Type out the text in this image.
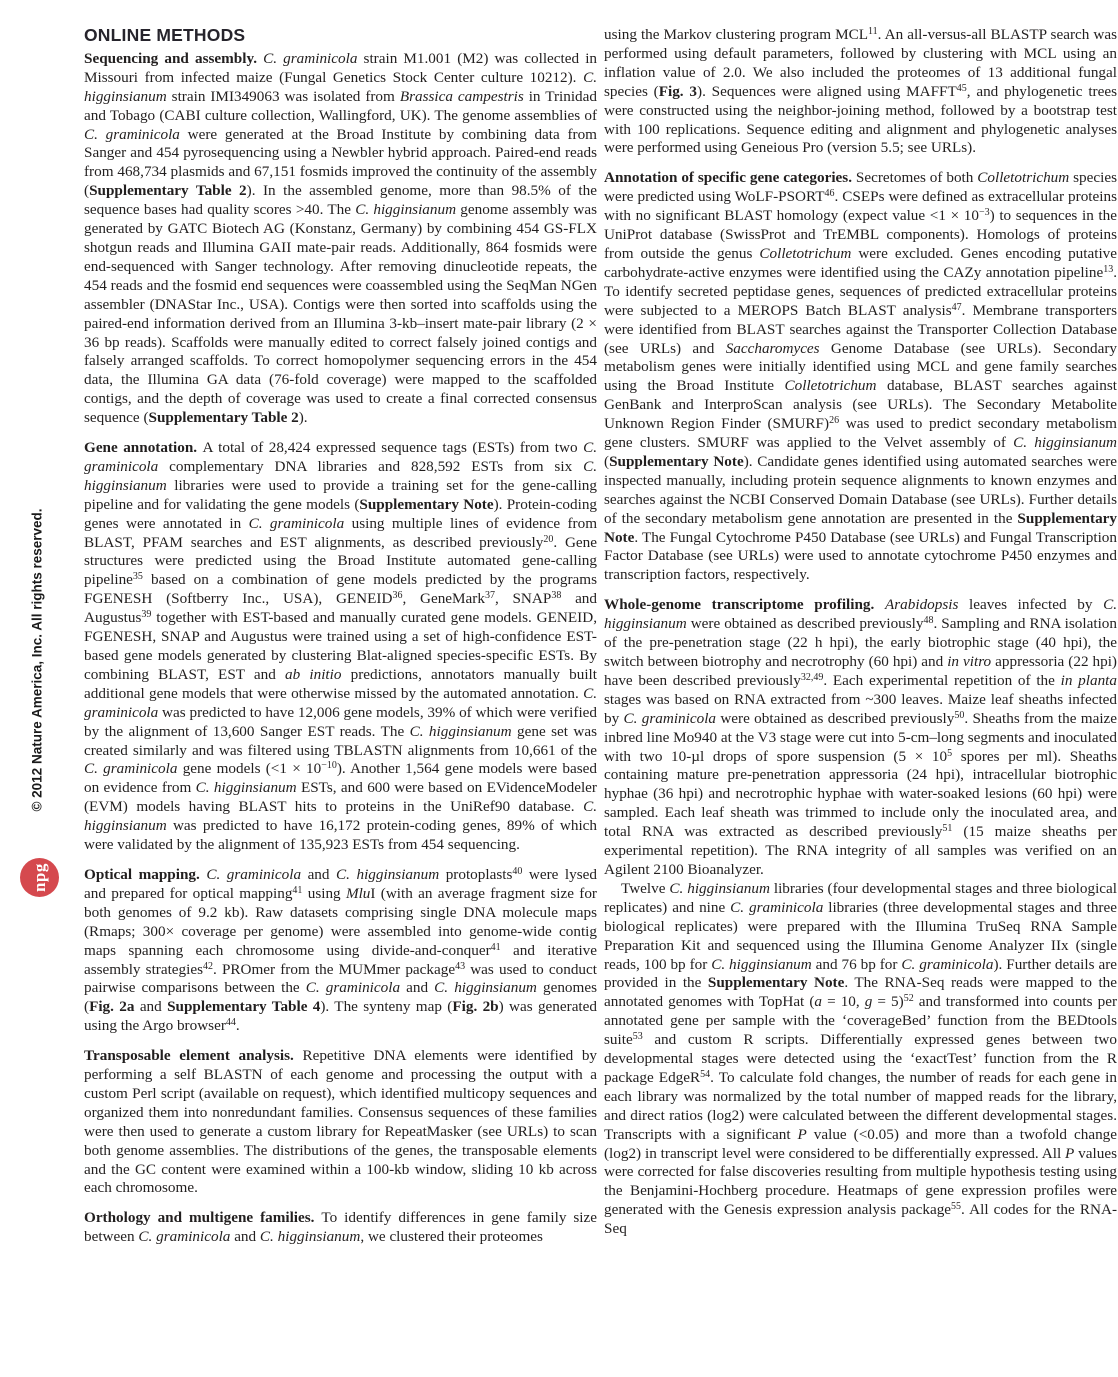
© 2012 Nature America, Inc. All rights reserved.
npg
ONLINE METHODS

Sequencing and assembly. C. graminicola strain M1.001 (M2) was collected in Missouri from infected maize (Fungal Genetics Stock Center culture 10212). C. higginsianum strain IMI349063 was isolated from Brassica campestris in Trinidad and Tobago (CABI culture collection, Wallingford, UK). The genome assemblies of C. graminicola were generated at the Broad Institute by combining data from Sanger and 454 pyrosequencing using a Newbler hybrid approach. Paired-end reads from 468,734 plasmids and 67,151 fosmids improved the continuity of the assembly (Supplementary Table 2). In the assembled genome, more than 98.5% of the sequence bases had quality scores >40. The C. higginsianum genome assembly was generated by GATC Biotech AG (Konstanz, Germany) by combining 454 GS-FLX shotgun reads and Illumina GAII mate-pair reads. Additionally, 864 fosmids were end-sequenced with Sanger technology. After removing dinucleotide repeats, the 454 reads and the fosmid end sequences were coassembled using the SeqMan NGen assembler (DNAStar Inc., USA). Contigs were then sorted into scaffolds using the paired-end information derived from an Illumina 3-kb–insert mate-pair library (2 × 36 bp reads). Scaffolds were manually edited to correct falsely joined contigs and falsely arranged scaffolds. To correct homopolymer sequencing errors in the 454 data, the Illumina GA data (76-fold coverage) were mapped to the scaffolded contigs, and the depth of coverage was used to create a final corrected consensus sequence (Supplementary Table 2).

Gene annotation. A total of 28,424 expressed sequence tags (ESTs) from two C. graminicola complementary DNA libraries and 828,592 ESTs from six C. higginsianum libraries were used to provide a training set for the gene-calling pipeline and for validating the gene models (Supplementary Note). Protein-coding genes were annotated in C. graminicola using multiple lines of evidence from BLAST, PFAM searches and EST alignments, as described previously$^{20}$. Gene structures were predicted using the Broad Institute automated gene-calling pipeline$^{35}$ based on a combination of gene models predicted by the programs FGENESH (Softberry Inc., USA), GENEID$^{36}$, GeneMark$^{37}$, SNAP$^{38}$ and Augustus$^{39}$ together with EST-based and manually curated gene models. GENEID, FGENESH, SNAP and Augustus were trained using a set of high-confidence EST-based gene models generated by clustering Blat-aligned species-specific ESTs. By combining BLAST, EST and ab initio predictions, annotators manually built additional gene models that were otherwise missed by the automated annotation. C. graminicola was predicted to have 12,006 gene models, 39% of which were verified by the alignment of 13,600 Sanger EST reads. The C. higginsianum gene set was created similarly and was filtered using TBLASTN alignments from 10,661 of the C. graminicola gene models $(<1 \times 10^{-10})$. Another 1,564 gene models were based on evidence from C. higginsianum ESTs, and 600 were based on EVidenceModeler (EVM) models having BLAST hits to proteins in the UniRef90 database. C. higginsianum was predicted to have 16,172 protein-coding genes, 89% of which were validated by the alignment of 135,923 ESTs from 454 sequencing.

Optical mapping. C. graminicola and C. higginsianum protoplasts$^{40}$ were lysed and prepared for optical mapping$^{41}$ using MluI (with an average fragment size for both genomes of 9.2 kb). Raw datasets comprising single DNA molecule maps (Rmaps; 300× coverage per genome) were assembled into genome-wide contig maps spanning each chromosome using divide-and-conquer$^{41}$ and iterative assembly strategies$^{42}$. PROmer from the MUMmer package$^{43}$ was used to conduct pairwise comparisons between the C. graminicola and C. higginsianum genomes (Fig. 2a and Supplementary Table 4). The synteny map (Fig. 2b) was generated using the Argo browser$^{44}$.

Transposable element analysis. Repetitive DNA elements were identified by performing a self BLASTN of each genome and processing the output with a custom Perl script (available on request), which identified multicopy sequences and organized them into nonredundant families. Consensus sequences of these families were then used to generate a custom library for RepeatMasker (see URLs) to scan both genome assemblies. The distributions of the genes, the transposable elements and the GC content were examined within a 100-kb window, sliding 10 kb across each chromosome.

Orthology and multigene families. To identify differences in gene family size between C. graminicola and C. higginsianum, we clustered their proteomes

using the Markov clustering program MCL$^{11}$. An all-versus-all BLASTP search was performed using default parameters, followed by clustering with MCL using an inflation value of 2.0. We also included the proteomes of 13 additional fungal species (Fig. 3). Sequences were aligned using MAFFT$^{45}$, and phylogenetic trees were constructed using the neighbor-joining method, followed by a bootstrap test with 100 replications. Sequence editing and alignment and phylogenetic analyses were performed using Geneious Pro (version 5.5; see URLs).

Annotation of specific gene categories. Secretomes of both Colletotrichum species were predicted using WoLF-PSORT$^{46}$. CSEPs were defined as extracellular proteins with no significant BLAST homology (expect value $<1 \times 10^{-3}$) to sequences in the UniProt database (SwissProt and TrEMBL components). Homologs of proteins from outside the genus Colletotrichum were excluded. Genes encoding putative carbohydrate-active enzymes were identified using the CAZy annotation pipeline$^{13}$. To identify secreted peptidase genes, sequences of predicted extracellular proteins were subjected to a MEROPS Batch BLAST analysis$^{47}$. Membrane transporters were identified from BLAST searches against the Transporter Collection Database (see URLs) and Saccharomyces Genome Database (see URLs). Secondary metabolism genes were initially identified using MCL and gene family searches using the Broad Institute Colletotrichum database, BLAST searches against GenBank and InterproScan analysis (see URLs). The Secondary Metabolite Unknown Region Finder (SMURF)$^{26}$ was used to predict secondary metabolism gene clusters. SMURF was applied to the Velvet assembly of C. higginsianum (Supplementary Note). Candidate genes identified using automated searches were inspected manually, including protein sequence alignments to known enzymes and searches against the NCBI Conserved Domain Database (see URLs). Further details of the secondary metabolism gene annotation are presented in the Supplementary Note. The Fungal Cytochrome P450 Database (see URLs) and Fungal Transcription Factor Database (see URLs) were used to annotate cytochrome P450 enzymes and transcription factors, respectively.

Whole-genome transcriptome profiling. Arabidopsis leaves infected by C. higginsianum were obtained as described previously$^{48}$. Sampling and RNA isolation of the pre-penetration stage (22 h hpi), the early biotrophic stage (40 hpi), the switch between biotrophy and necrotrophy (60 hpi) and in vitro appressoria (22 hpi) have been described previously$^{32,49}$. Each experimental repetition of the in planta stages was based on RNA extracted from ~300 leaves. Maize leaf sheaths infected by C. graminicola were obtained as described previously$^{50}$. Sheaths from the maize inbred line Mo940 at the V3 stage were cut into 5-cm–long segments and inoculated with two 10-µl drops of spore suspension ($5 \times 10^5$ spores per ml). Sheaths containing mature pre-penetration appressoria (24 hpi), intracellular biotrophic hyphae (36 hpi) and necrotrophic hyphae with water-soaked lesions (60 hpi) were sampled. Each leaf sheath was trimmed to include only the inoculated area, and total RNA was extracted as described previously$^{51}$ (15 maize sheaths per experimental repetition). The RNA integrity of all samples was verified on an Agilent 2100 Bioanalyzer.

Twelve C. higginsianum libraries (four developmental stages and three biological replicates) and nine C. graminicola libraries (three developmental stages and three biological replicates) were prepared with the Illumina TruSeq RNA Sample Preparation Kit and sequenced using the Illumina Genome Analyzer IIx (single reads, 100 bp for C. higginsianum and 76 bp for C. graminicola). Further details are provided in the Supplementary Note. The RNA-Seq reads were mapped to the annotated genomes with TopHat (a = 10, g = 5)$^{52}$ and transformed into counts per annotated gene per sample with the ‘coverageBed’ function from the BEDtools suite$^{53}$ and custom R scripts. Differentially expressed genes between two developmental stages were detected using the ‘exactTest’ function from the R package EdgeR$^{54}$. To calculate fold changes, the number of reads for each gene in each library was normalized by the total number of mapped reads for the library, and direct ratios (log2) were calculated between the different developmental stages. Transcripts with a significant P value (<0.05) and more than a twofold change (log2) in transcript level were considered to be differentially expressed. All P values were corrected for false discoveries resulting from multiple hypothesis testing using the Benjamini-Hochberg procedure. Heatmaps of gene expression profiles were generated with the Genesis expression analysis package$^{55}$. All codes for the RNA-Seq
